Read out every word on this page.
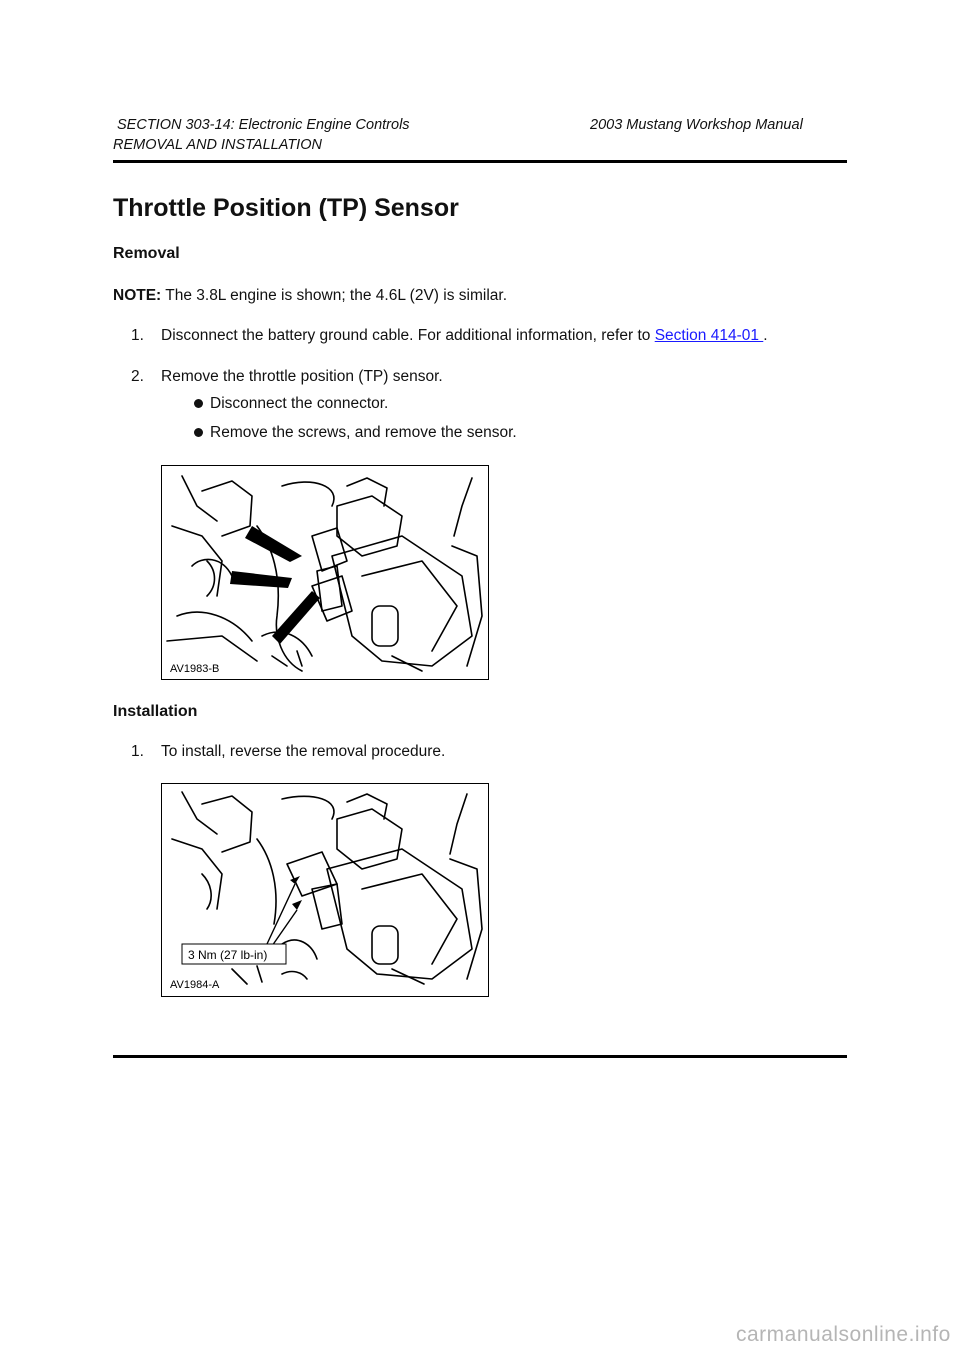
SECTION 303-14: Electronic Engine Controls	2003 Mustang Workshop Manual
REMOVAL AND INSTALLATION
Throttle Position (TP) Sensor
Removal
NOTE: The 3.8L engine is shown; the 4.6L (2V) is similar.
1. Disconnect the battery ground cable. For additional information, refer to Section 414-01 .
2. Remove the throttle position (TP) sensor.
Disconnect the connector.
Remove the screws, and remove the sensor.
AV1983-B
Installation
1. To install, reverse the removal procedure.
3 Nm (27 lb-in)
AV1984-A
carmanualsonline.info
